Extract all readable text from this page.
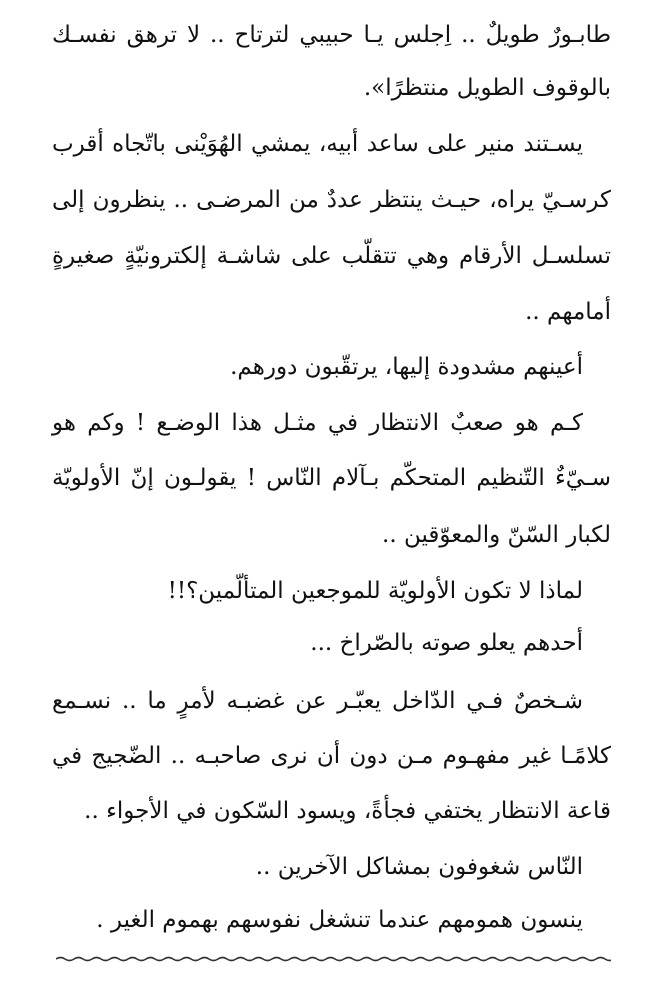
طابـورٌ طويلٌ .. اِجلس يـا حبيبي لترتاح .. لا ترهق نفسـك
بالوقوف الطويل منتظرًا».
يسـتند منير على ساعد أبيه، يمشي الهُوَيْنى باتّجاه أقرب
كرسـيّ يراه، حيـث ينتظر عددٌ من المرضـى .. ينظرون إلى
تسلسـل الأرقام وهي تتقلّب على شاشـة إلكترونيّةٍ صغيرةٍ
أمامهم ..
أعينهم مشدودة إليها، يرتقّبون دورهم.
كـم هو صعبٌ الانتظار في مثـل هذا الوضـع ! وكم هو
سـيّءٌ التّنظيم المتحكّم بـآلام النّاس ! يقولـون إنّ الأولويّة
لكبار السّنّ والمعوّقين ..
لماذا لا تكون الأولويّة للموجعين المتألّمين؟!!
أحدهم يعلو صوته بالصّراخ ...
شـخصٌ فـي الدّاخل يعبّـر عن غضبـه لأمرٍ ما .. نسـمع
كلامًـا غير مفهـوم مـن دون أن نرى صاحبـه .. الضّجيج في
قاعة الانتظار يختفي فجأةً، ويسود السّكون في الأجواء ..
النّاس شغوفون بمشاكل الآخرين ..
ينسون همومهم عندما تنشغل نفوسهم بهموم الغير .
